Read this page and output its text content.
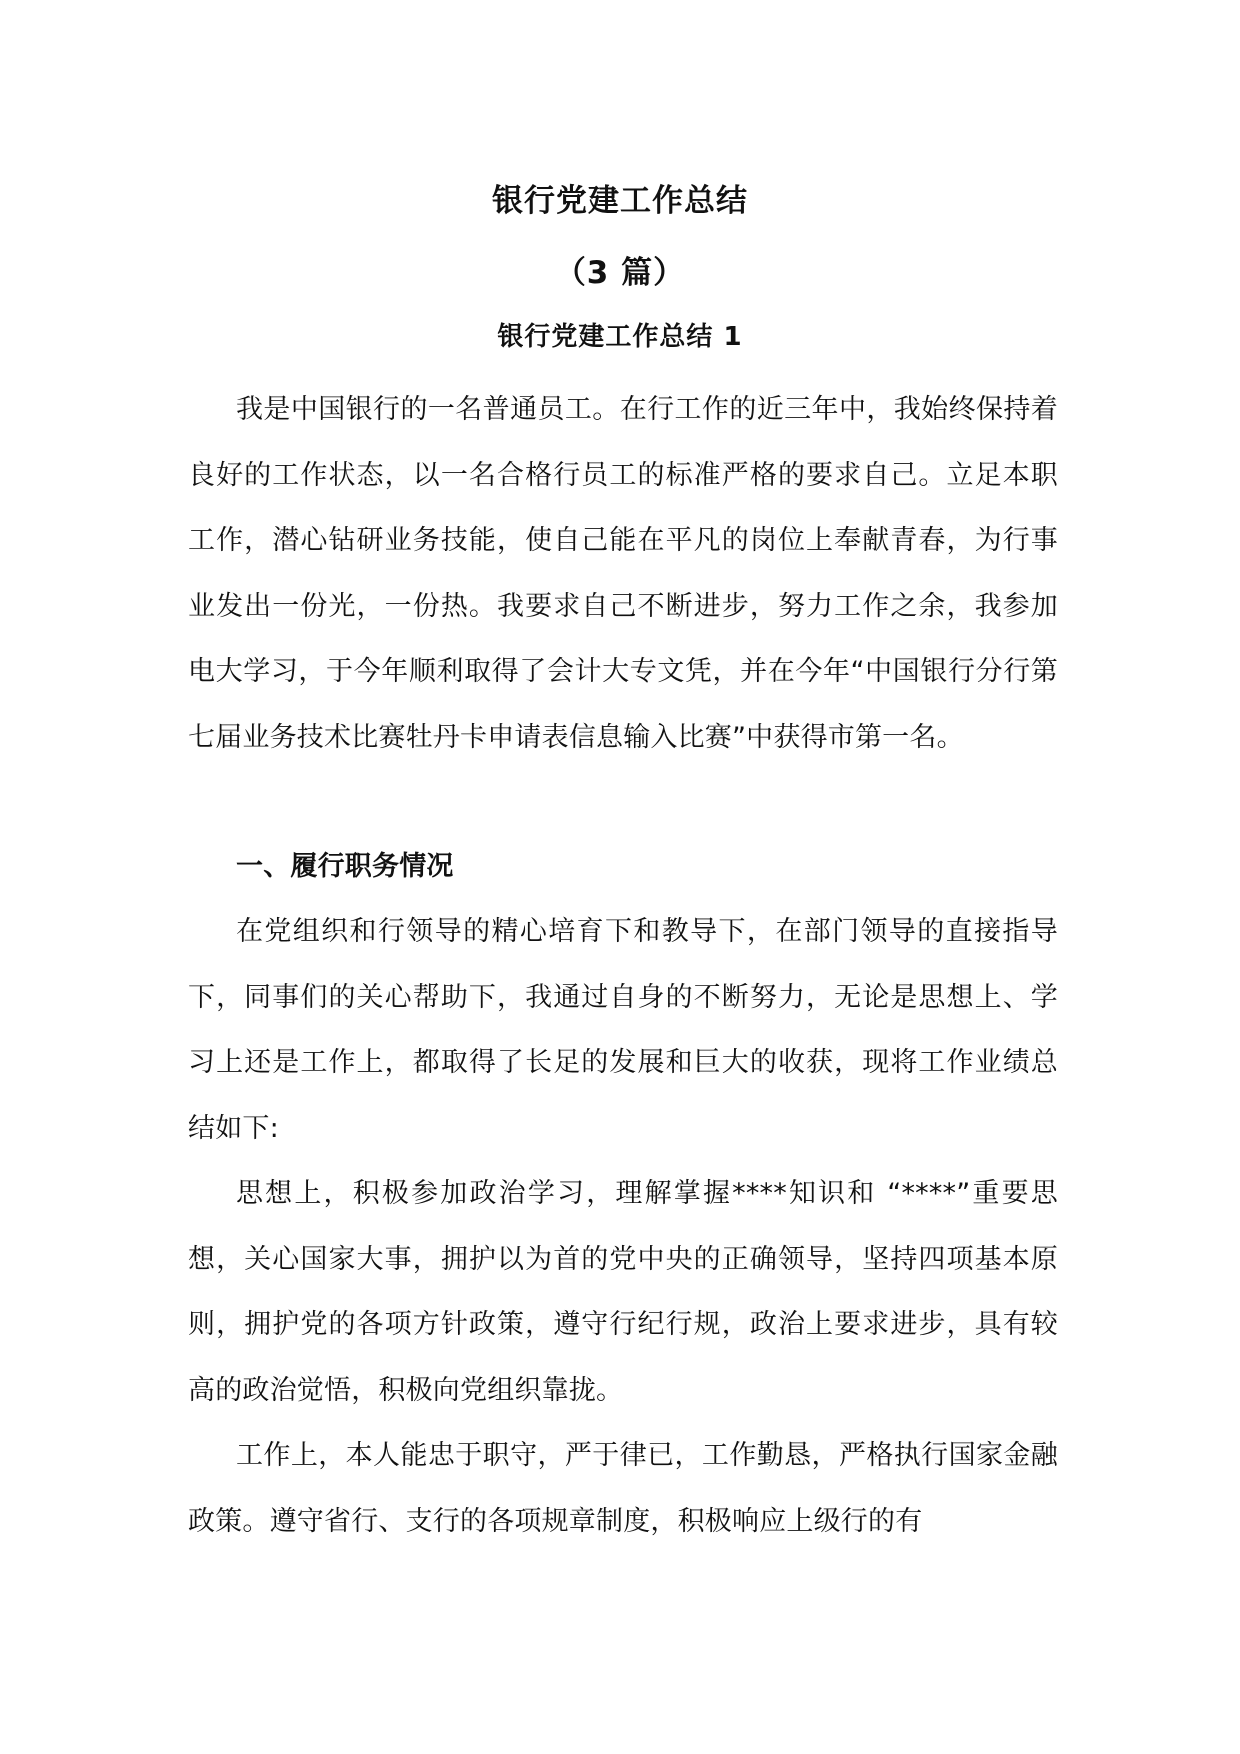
银行党建工作总结
（3 篇）
银行党建工作总结 1
我是中国银行的一名普通员工。在行工作的近三年中，我始终保持着良好的工作状态，以一名合格行员工的标准严格的要求自己。立足本职工作，潜心钻研业务技能，使自己能在平凡的岗位上奉献青春，为行事业发出一份光，一份热。我要求自己不断进步，努力工作之余，我参加电大学习，于今年顺利取得了会计大专文凭，并在今年“中国银行分行第七届业务技术比赛牡丹卡申请表信息输入比赛”中获得市第一名。
一、履行职务情况
在党组织和行领导的精心培育下和教导下，在部门领导的直接指导下，同事们的关心帮助下，我通过自身的不断努力，无论是思想上、学习上还是工作上，都取得了长足的发展和巨大的收获，现将工作业绩总结如下:
思想上，积极参加政治学习，理解掌握****知识和 “****”重要思想，关心国家大事，拥护以为首的党中央的正确领导，坚持四项基本原则，拥护党的各项方针政策，遵守行纪行规，政治上要求进步，具有较高的政治觉悟，积极向党组织靠拢。
工作上，本人能忠于职守，严于律已，工作勤恳，严格执行国家金融政策。遵守省行、支行的各项规章制度，积极响应上级行的有
